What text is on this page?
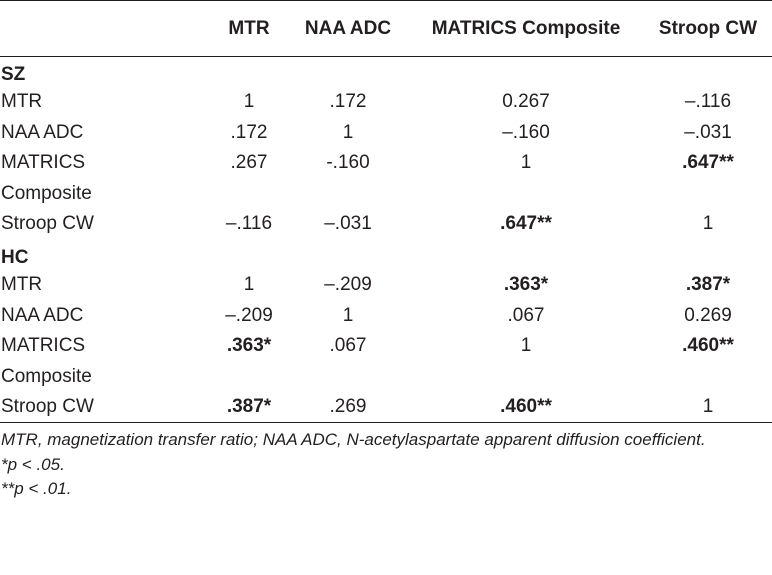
	MTR	NAA ADC	MATRICS Composite	Stroop CW
SZ				
MTR	1	.172	0.267	–.116
NAA ADC	.172	1	–.160	–.031
MATRICS	.267	-.160	1	.647**
Composite				
Stroop CW	–.116	–.031	.647**	1
HC				
MTR	1	–.209	.363*	.387*
NAA ADC	–.209	1	.067	0.269
MATRICS	.363*	.067	1	.460**
Composite				
Stroop CW	.387*	.269	.460**	1
MTR, magnetization transfer ratio; NAA ADC, N-acetylaspartate apparent diffusion coefficient.
*p < .05.
**p < .01.
